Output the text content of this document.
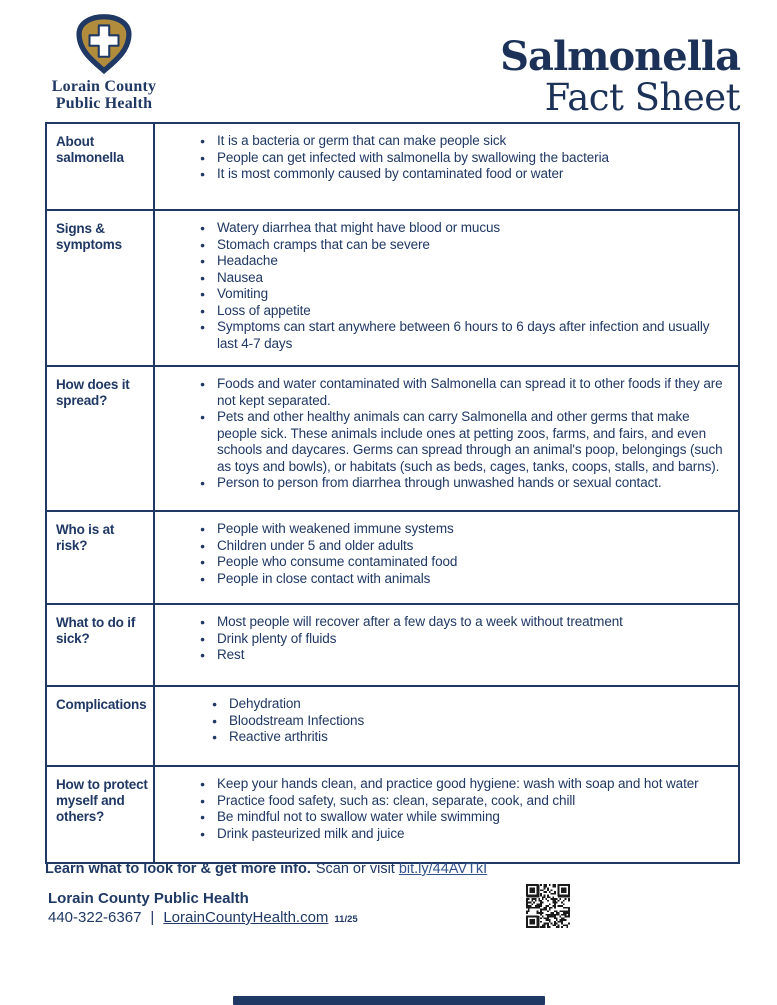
Lorain County
Public Health
Salmonella
Fact Sheet
About salmonella
● It is a bacteria or germ that can make people sick
● People can get infected with salmonella by swallowing the bacteria
● It is most commonly caused by contaminated food or water
Signs & symptoms
● Watery diarrhea that might have blood or mucus
● Stomach cramps that can be severe
● Headache
● Nausea
● Vomiting
● Loss of appetite
● Symptoms can start anywhere between 6 hours to 6 days after infection and usually last 4-7 days
How does it spread?
● Foods and water contaminated with Salmonella can spread it to other foods if they are not kept separated.
● Pets and other healthy animals can carry Salmonella and other germs that make people sick. These animals include ones at petting zoos, farms, and fairs, and even schools and daycares. Germs can spread through an animal's poop, belongings (such as toys and bowls), or habitats (such as beds, cages, tanks, coops, stalls, and barns).
● Person to person from diarrhea through unwashed hands or sexual contact.
Who is at risk?
● People with weakened immune systems
● Children under 5 and older adults
● People who consume contaminated food
● People in close contact with animals
What to do if sick?
● Most people will recover after a few days to a week without treatment
● Drink plenty of fluids
● Rest
Complications	● Dehydration
● Bloodstream Infections
● Reactive arthritis
How to protect myself and others?
● Keep your hands clean, and practice good hygiene: wash with soap and hot water
● Practice food safety, such as: clean, separate, cook, and chill
● Be mindful not to swallow water while swimming
● Drink pasteurized milk and juice
Learn what to look for & get more info. Scan or visit bit.ly/44AVTkI
Lorain County Public Health
440-322-6367 | LorainCountyHealth.com 11/25
